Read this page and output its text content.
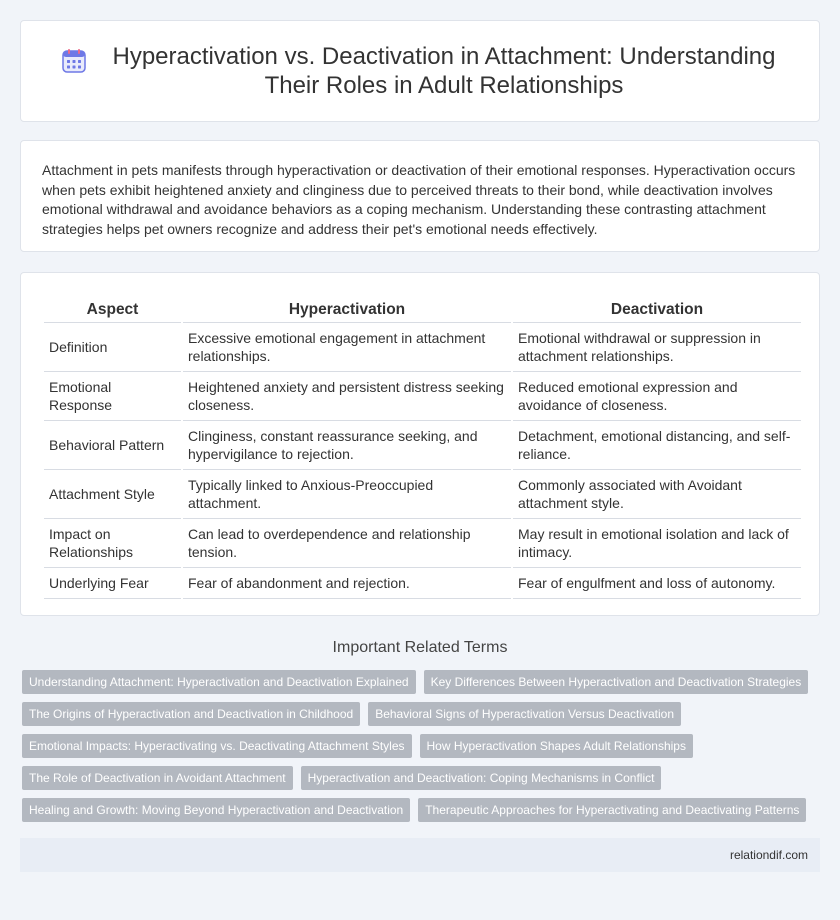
Hyperactivation vs. Deactivation in Attachment: Understanding Their Roles in Adult Relationships

Attachment in pets manifests through hyperactivation or deactivation of their emotional responses. Hyperactivation occurs when pets exhibit heightened anxiety and clinginess due to perceived threats to their bond, while deactivation involves emotional withdrawal and avoidance behaviors as a coping mechanism. Understanding these contrasting attachment strategies helps pet owners recognize and address their pet's emotional needs effectively.

Aspect	Hyperactivation	Deactivation
Definition	Excessive emotional engagement in attachment relationships.	Emotional withdrawal or suppression in attachment relationships.
Emotional Response	Heightened anxiety and persistent distress seeking closeness.	Reduced emotional expression and avoidance of closeness.
Behavioral Pattern	Clinginess, constant reassurance seeking, and hypervigilance to rejection.	Detachment, emotional distancing, and self-reliance.
Attachment Style	Typically linked to Anxious-Preoccupied attachment.	Commonly associated with Avoidant attachment style.
Impact on Relationships	Can lead to overdependence and relationship tension.	May result in emotional isolation and lack of intimacy.
Underlying Fear	Fear of abandonment and rejection.	Fear of engulfment and loss of autonomy.
Important Related Terms
Understanding Attachment: Hyperactivation and Deactivation Explained	Key Differences Between Hyperactivation and Deactivation Strategies
The Origins of Hyperactivation and Deactivation in Childhood	Behavioral Signs of Hyperactivation Versus Deactivation
Emotional Impacts: Hyperactivating vs. Deactivating Attachment Styles	How Hyperactivation Shapes Adult Relationships
The Role of Deactivation in Avoidant Attachment	Hyperactivation and Deactivation: Coping Mechanisms in Conflict
Healing and Growth: Moving Beyond Hyperactivation and Deactivation	Therapeutic Approaches for Hyperactivating and Deactivating Patterns
relationdif.com
